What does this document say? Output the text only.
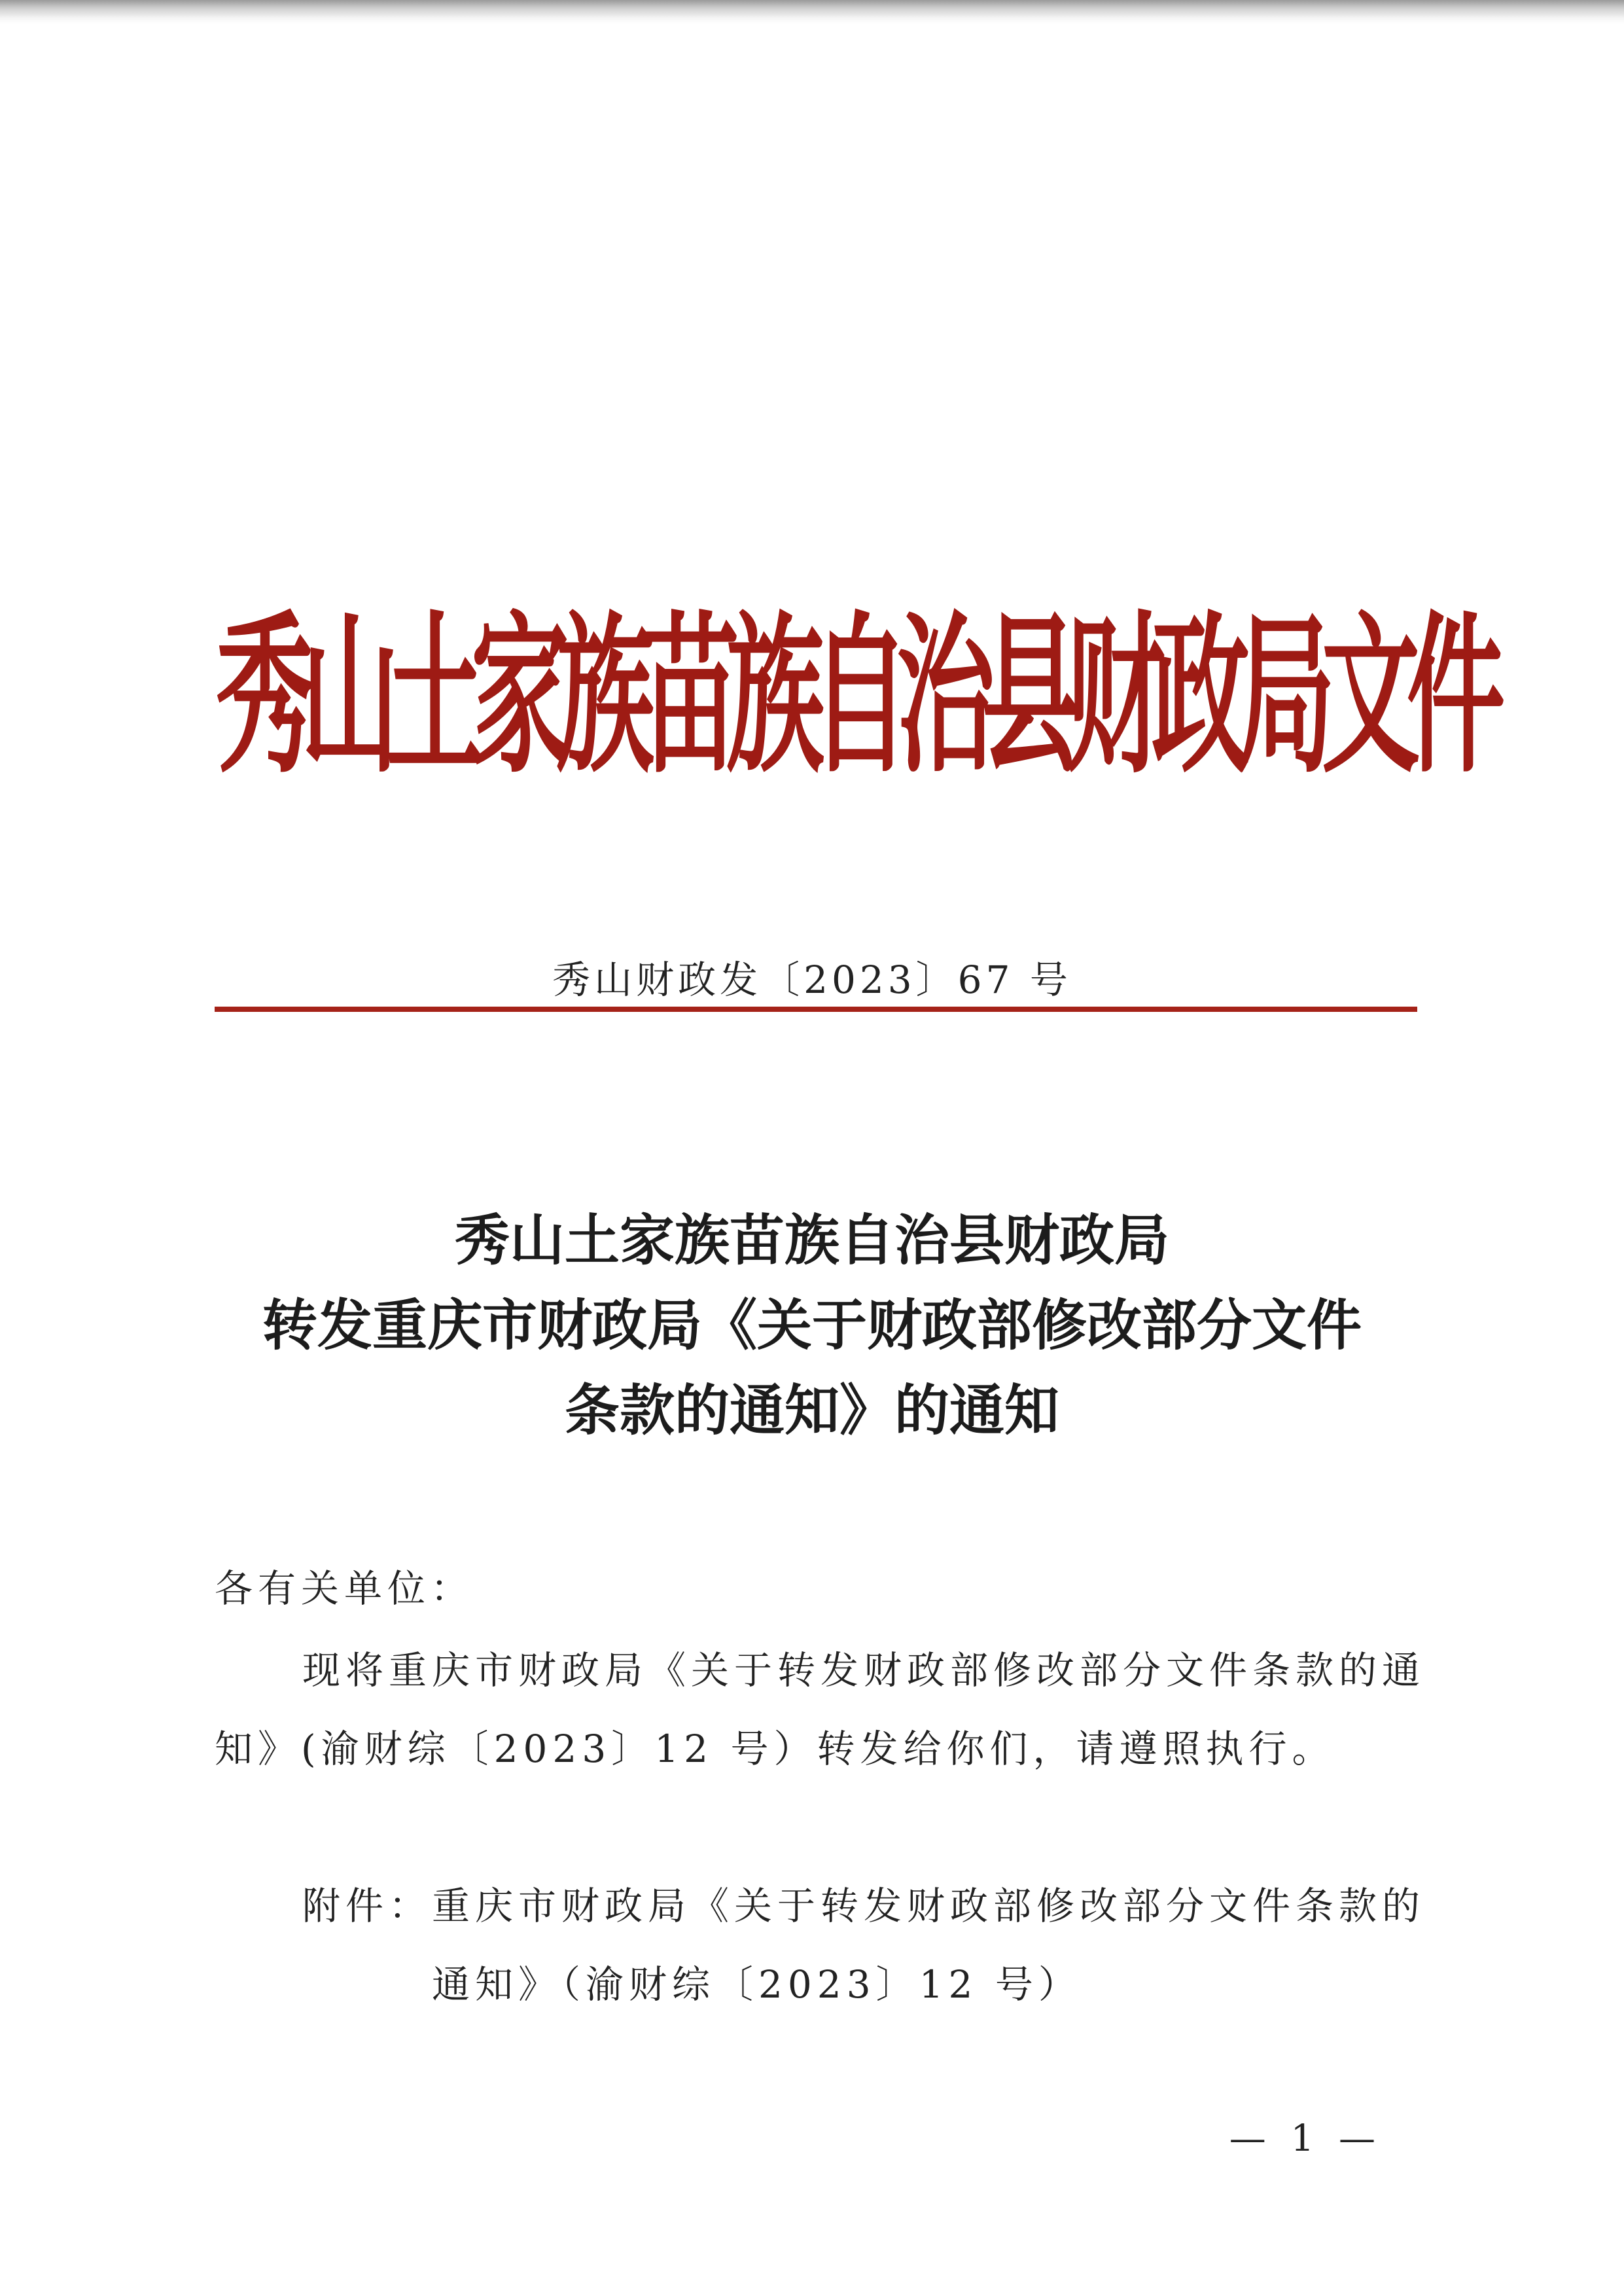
秀
山
土
家
族
苗
族
自
治
县
财
政
局
文
件
秀山财政发〔2023〕67 号
秀山土家族苗族自治县财政局
转发重庆市财政局《关于财政部修改部分文件
条款的通知》的通知
各有关单位：
现将重庆市财政局《关于转发财政部修改部分文件条款的通
知》(渝财综〔2023〕12 号）转发给你们，请遵照执行。
附件：重庆市财政局《关于转发财政部修改部分文件条款的
通知》（渝财综〔2023〕12 号）
— 1 —
